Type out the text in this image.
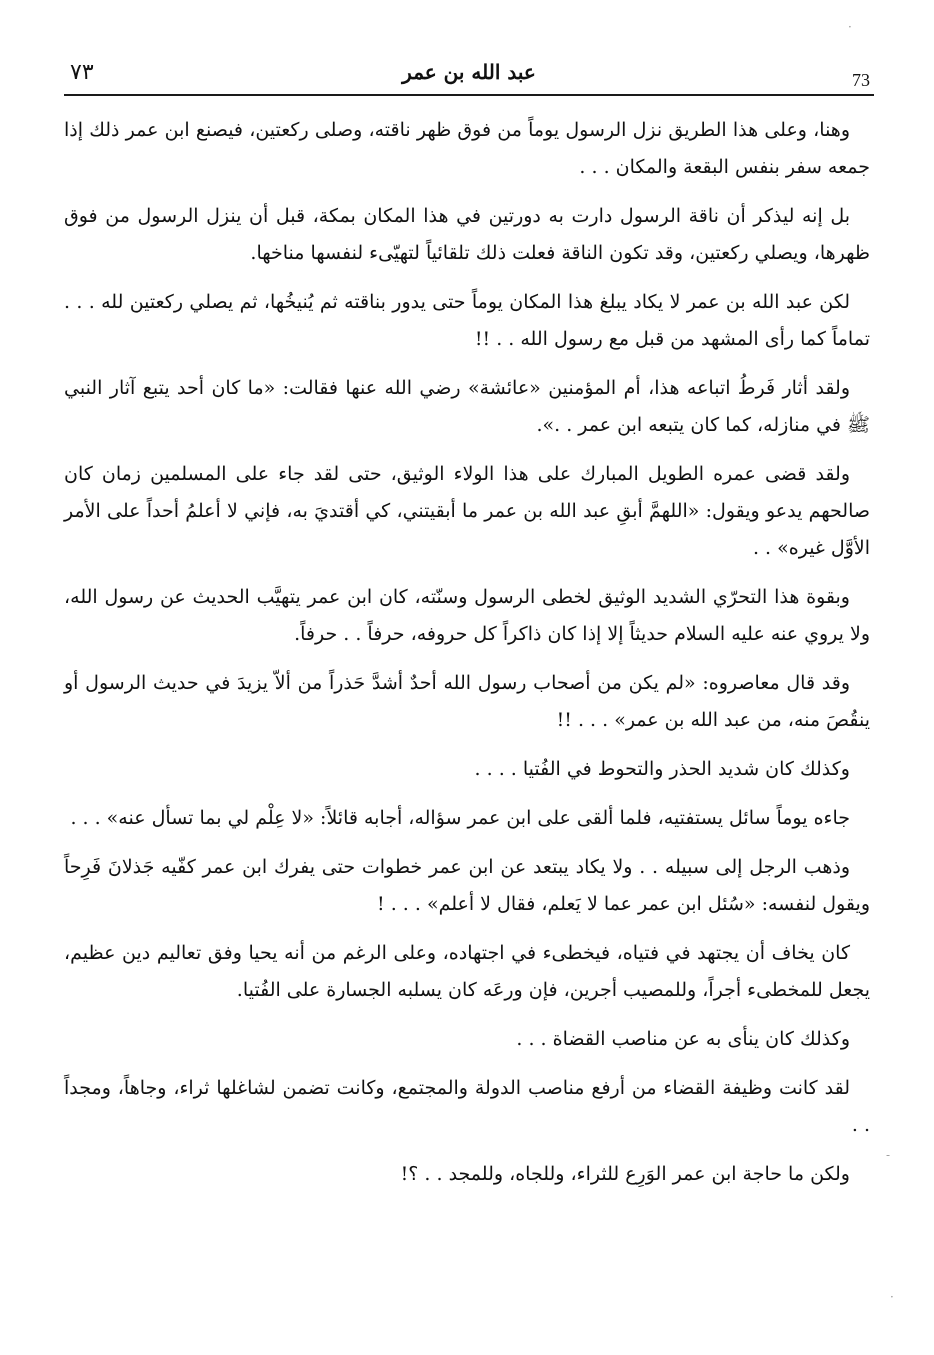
٧٣	عبد الله بن عمر	73

وهنا، وعلى هذا الطريق نزل الرسول يوماً من فوق ظهر ناقته، وصلى ركعتين، فيصنع ابن عمر ذلك إذا جمعه سفر بنفس البقعة والمكان . . .

بل إنه ليذكر أن ناقة الرسول دارت به دورتين في هذا المكان بمكة، قبل أن ينزل الرسول من فوق ظهرها، ويصلي ركعتين، وقد تكون الناقة فعلت ذلك تلقائياً لتهيّىء لنفسها مناخها.

لكن عبد الله بن عمر لا يكاد يبلغ هذا المكان يوماً حتى يدور بناقته ثم يُنيخُها، ثم يصلي ركعتين لله . . . تماماً كما رأى المشهد من قبل مع رسول الله . . !!

ولقد أثار فَرطُ اتباعه هذا، أم المؤمنين «عائشة» رضي الله عنها فقالت: «ما كان أحد يتبع آثار النبي ﷺ في منازله، كما كان يتبعه ابن عمر . .».

ولقد قضى عمره الطويل المبارك على هذا الولاء الوثيق، حتى لقد جاء على المسلمين زمان كان صالحهم يدعو ويقول: «اللهمَّ أبقِ عبد الله بن عمر ما أبقيتني، كي أقتديَ به، فإني لا أعلمُ أحداً على الأمر الأوَّل غيره» . .

وبقوة هذا التحرّي الشديد الوثيق لخطى الرسول وسنّته، كان ابن عمر يتهيَّب الحديث عن رسول الله، ولا يروي عنه عليه السلام حديثاً إلا إذا كان ذاكراً كل حروفه، حرفاً . . حرفاً.

وقد قال معاصروه: «لم يكن من أصحاب رسول الله أحدٌ أشدَّ حَذراً من ألاّ يزيدَ في حديث الرسول أو ينقُصَ منه، من عبد الله بن عمر» . . . !!

وكذلك كان شديد الحذر والتحوط في الفُتيا . . . .

جاءه يوماً سائل يستفتيه، فلما ألقى على ابن عمر سؤاله، أجابه قائلاً: «لا عِلْم لي بما تسأل عنه» . . .

وذهب الرجل إلى سبيله . . ولا يكاد يبتعد عن ابن عمر خطوات حتى يفرك ابن عمر كفّيه جَذلانَ فَرِحاً ويقول لنفسه: «سُئل ابن عمر عما لا يَعلم، فقال لا أعلم» . . . !

كان يخاف أن يجتهد في فتياه، فيخطىء في اجتهاده، وعلى الرغم من أنه يحيا وفق تعاليم دين عظيم، يجعل للمخطىء أجراً، وللمصيب أجرين، فإن ورعَه كان يسلبه الجسارة على الفُتيا.

وكذلك كان ينأى به عن مناصب القضاة . . .

لقد كانت وظيفة القضاء من أرفع مناصب الدولة والمجتمع، وكانت تضمن لشاغلها ثراء، وجاهاً، ومجداً . .

ولكن ما حاجة ابن عمر الوَرِع للثراء، وللجاه، وللمجد . . ؟!

·
-
·
